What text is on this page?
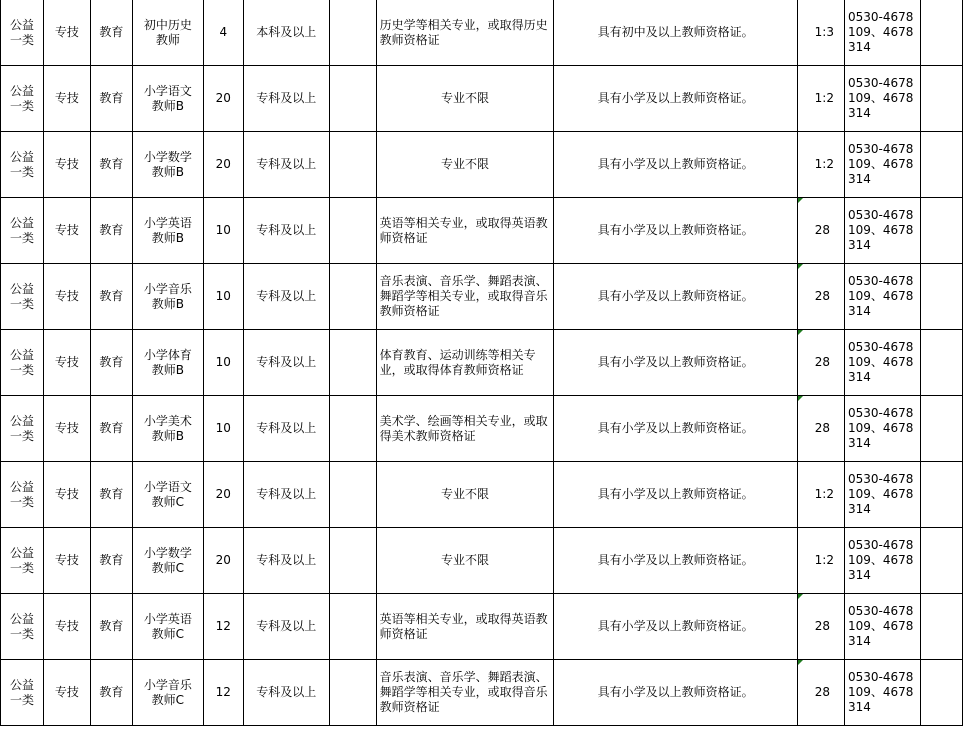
公益一类	专技	教育	初中历史教师	4	本科及以上		历史学等相关专业，或取得历史教师资格证	具有初中及以上教师资格证。	1:3	0530-4678109、4678314	

公益一类	专技	教育	小学语文教师B	20	专科及以上		专业不限	具有小学及以上教师资格证。	1:2	0530-4678109、4678314	

公益一类	专技	教育	小学数学教师B	20	专科及以上		专业不限	具有小学及以上教师资格证。	1:2	0530-4678109、4678314	

公益一类	专技	教育	小学英语教师B	10	专科及以上		英语等相关专业，或取得英语教师资格证	具有小学及以上教师资格证。	28	0530-4678109、4678314	

公益一类	专技	教育	小学音乐教师B	10	专科及以上		音乐表演、音乐学、舞蹈表演、舞蹈学等相关专业，或取得音乐教师资格证	具有小学及以上教师资格证。	28	0530-4678109、4678314	

公益一类	专技	教育	小学体育教师B	10	专科及以上		体育教育、运动训练等相关专业，或取得体育教师资格证	具有小学及以上教师资格证。	28	0530-4678109、4678314	

公益一类	专技	教育	小学美术教师B	10	专科及以上		美术学、绘画等相关专业，或取得美术教师资格证	具有小学及以上教师资格证。	28	0530-4678109、4678314	

公益一类	专技	教育	小学语文教师C	20	专科及以上		专业不限	具有小学及以上教师资格证。	1:2	0530-4678109、4678314	

公益一类	专技	教育	小学数学教师C	20	专科及以上		专业不限	具有小学及以上教师资格证。	1:2	0530-4678109、4678314	

公益一类	专技	教育	小学英语教师C	12	专科及以上		英语等相关专业，或取得英语教师资格证	具有小学及以上教师资格证。	28	0530-4678109、4678314	

公益一类	专技	教育	小学音乐教师C	12	专科及以上		音乐表演、音乐学、舞蹈表演、舞蹈学等相关专业，或取得音乐教师资格证	具有小学及以上教师资格证。	28	0530-4678109、4678314	
